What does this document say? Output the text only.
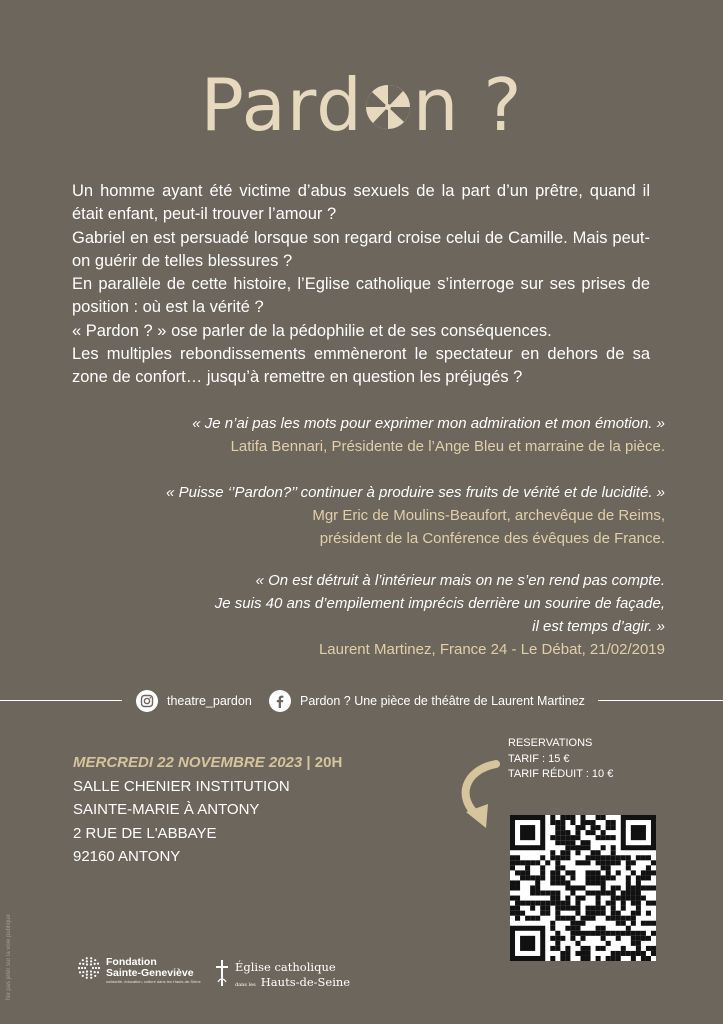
Pard n ?

Un homme ayant été victime d’abus sexuels de la part d’un prêtre, quand il était enfant, peut-il trouver l’amour ?

Gabriel en est persuadé lorsque son regard croise celui de Camille. Mais peut-on guérir de telles blessures ?

En parallèle de cette histoire, l’Eglise catholique s’interroge sur ses prises de position : où est la vérité ?

« Pardon ? » ose parler de la pédophilie et de ses conséquences.

Les multiples rebondissements emmèneront le spectateur en dehors de sa zone de confort… jusqu’à remettre en question les préjugés ?

« Je n’ai pas les mots pour exprimer mon admiration et mon émotion. »
Latifa Bennari, Présidente de l’Ange Bleu et marraine de la pièce.
« Puisse ‘’Pardon?’’ continuer à produire ses fruits de vérité et de lucidité. »
Mgr Eric de Moulins-Beaufort, archevêque de Reims,
président de la Conférence des évêques de France.
« On est détruit à l’intérieur mais on ne s’en rend pas compte.
Je suis 40 ans d’empilement imprécis derrière un sourire de façade,
il est temps d’agir. »
Laurent Martinez, France 24 - Le Débat, 21/02/2019
theatre_pardon	Pardon ? Une pièce de théâtre de Laurent Martinez
MERCREDI 22 NOVEMBRE 2023 | 20H
SALLE CHENIER INSTITUTION
SAINTE-MARIE À ANTONY
2 RUE DE L'ABBAYE
92160 ANTONY
RESERVATIONS
TARIF : 15 €
TARIF RÉDUIT : 10 €
Ne pas jeter sur la voie publique	Fondation
Sainte-Geneviève
solidarité, éducation, culture dans les Hauts-de-Seine
Église catholique
dans les Hauts-de-Seine
